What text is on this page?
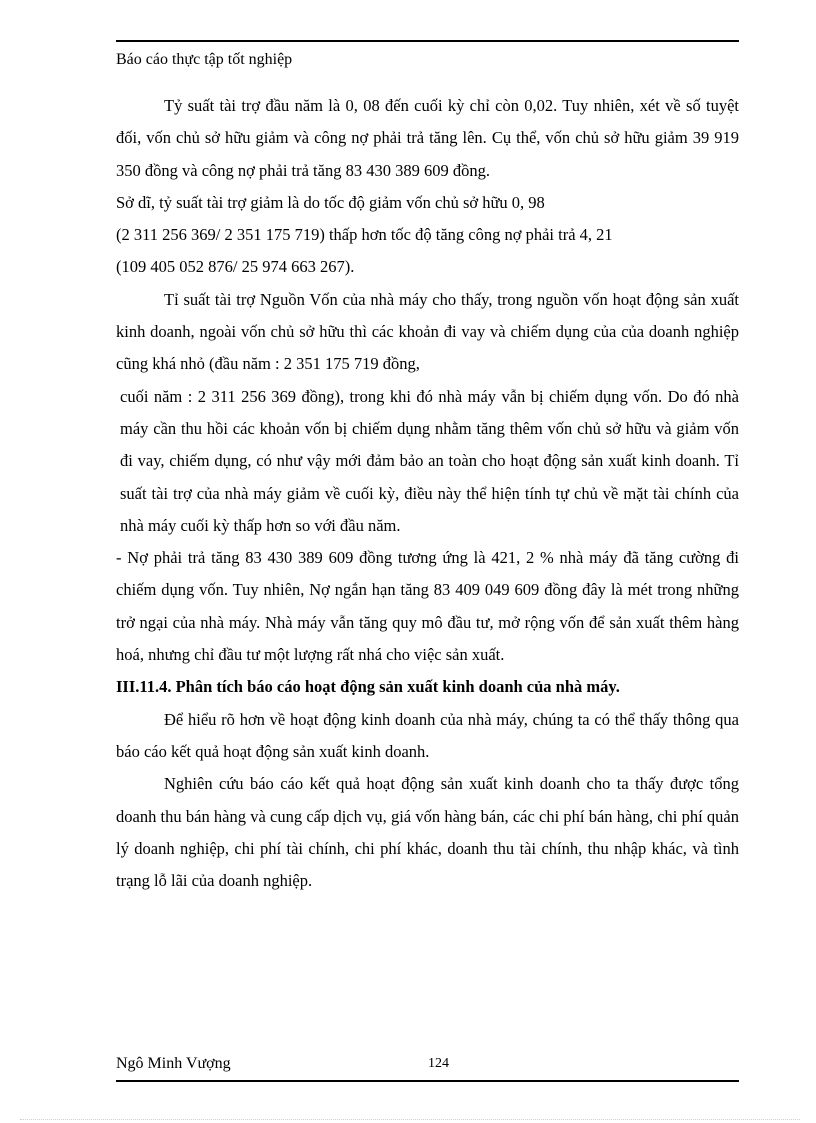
Báo cáo thực tập tốt nghiệp

Tỷ suất tài trợ đầu năm là 0, 08 đến cuối kỳ chỉ còn 0,02. Tuy nhiên, xét về số tuyệt đối, vốn chủ sở hữu giảm và công nợ phải trả tăng lên. Cụ thể, vốn chủ sở hữu giảm 39 919 350 đồng và công nợ phải trả tăng 83 430 389 609 đồng.

Sở dĩ, tỷ suất tài trợ giảm là do tốc độ giảm vốn chủ sở hữu 0, 98

(2 311 256 369/ 2 351 175 719) thấp hơn tốc độ tăng công nợ phải trả 4, 21

(109 405 052 876/ 25 974 663 267).

Tỉ suất tài trợ Nguồn Vốn của nhà máy cho thấy, trong nguồn vốn hoạt động sản xuất kinh doanh, ngoài vốn chủ sở hữu thì các khoản đi vay và chiếm dụng của của doanh nghiệp cũng khá nhỏ (đầu năm : 2 351 175 719 đồng,

cuối năm : 2 311 256 369 đồng), trong khi đó nhà máy vẫn bị chiếm dụng vốn. Do đó nhà máy cần thu hồi các khoản vốn bị chiếm dụng nhằm tăng thêm vốn chủ sở hữu và giảm vốn đi vay, chiếm dụng, có như vậy mới đảm bảo an toàn cho hoạt động sản xuất kinh doanh. Tỉ suất tài trợ của nhà máy giảm về cuối kỳ, điều này thể hiện tính tự chủ về mặt tài chính của nhà máy cuối kỳ thấp hơn so với đầu năm.

- Nợ phải trả tăng 83 430 389 609 đồng tương ứng là 421, 2 % nhà máy đã tăng cường đi chiếm dụng vốn. Tuy nhiên, Nợ ngắn hạn tăng 83 409 049 609 đồng đây là mét trong những trở ngại của nhà máy. Nhà máy vẫn tăng quy mô đầu tư, mở rộng vốn để sản xuất thêm hàng hoá, nhưng chỉ đầu tư một lượng rất nhá cho việc sản xuất.

III.11.4. Phân tích báo cáo hoạt động sản xuất kinh doanh của nhà máy.

Để hiểu rõ hơn về hoạt động kinh doanh của nhà máy, chúng ta có thể thấy thông qua báo cáo kết quả hoạt động sản xuất kinh doanh.

Nghiên cứu báo cáo kết quả hoạt động sản xuất kinh doanh cho ta thấy được tổng doanh thu bán hàng và cung cấp dịch vụ, giá vốn hàng bán, các chi phí bán hàng, chi phí quản lý doanh nghiệp, chi phí tài chính, chi phí khác, doanh thu tài chính, thu nhập khác, và tình trạng lỗ lãi của doanh nghiệp.

Ngô Minh Vượng	124
